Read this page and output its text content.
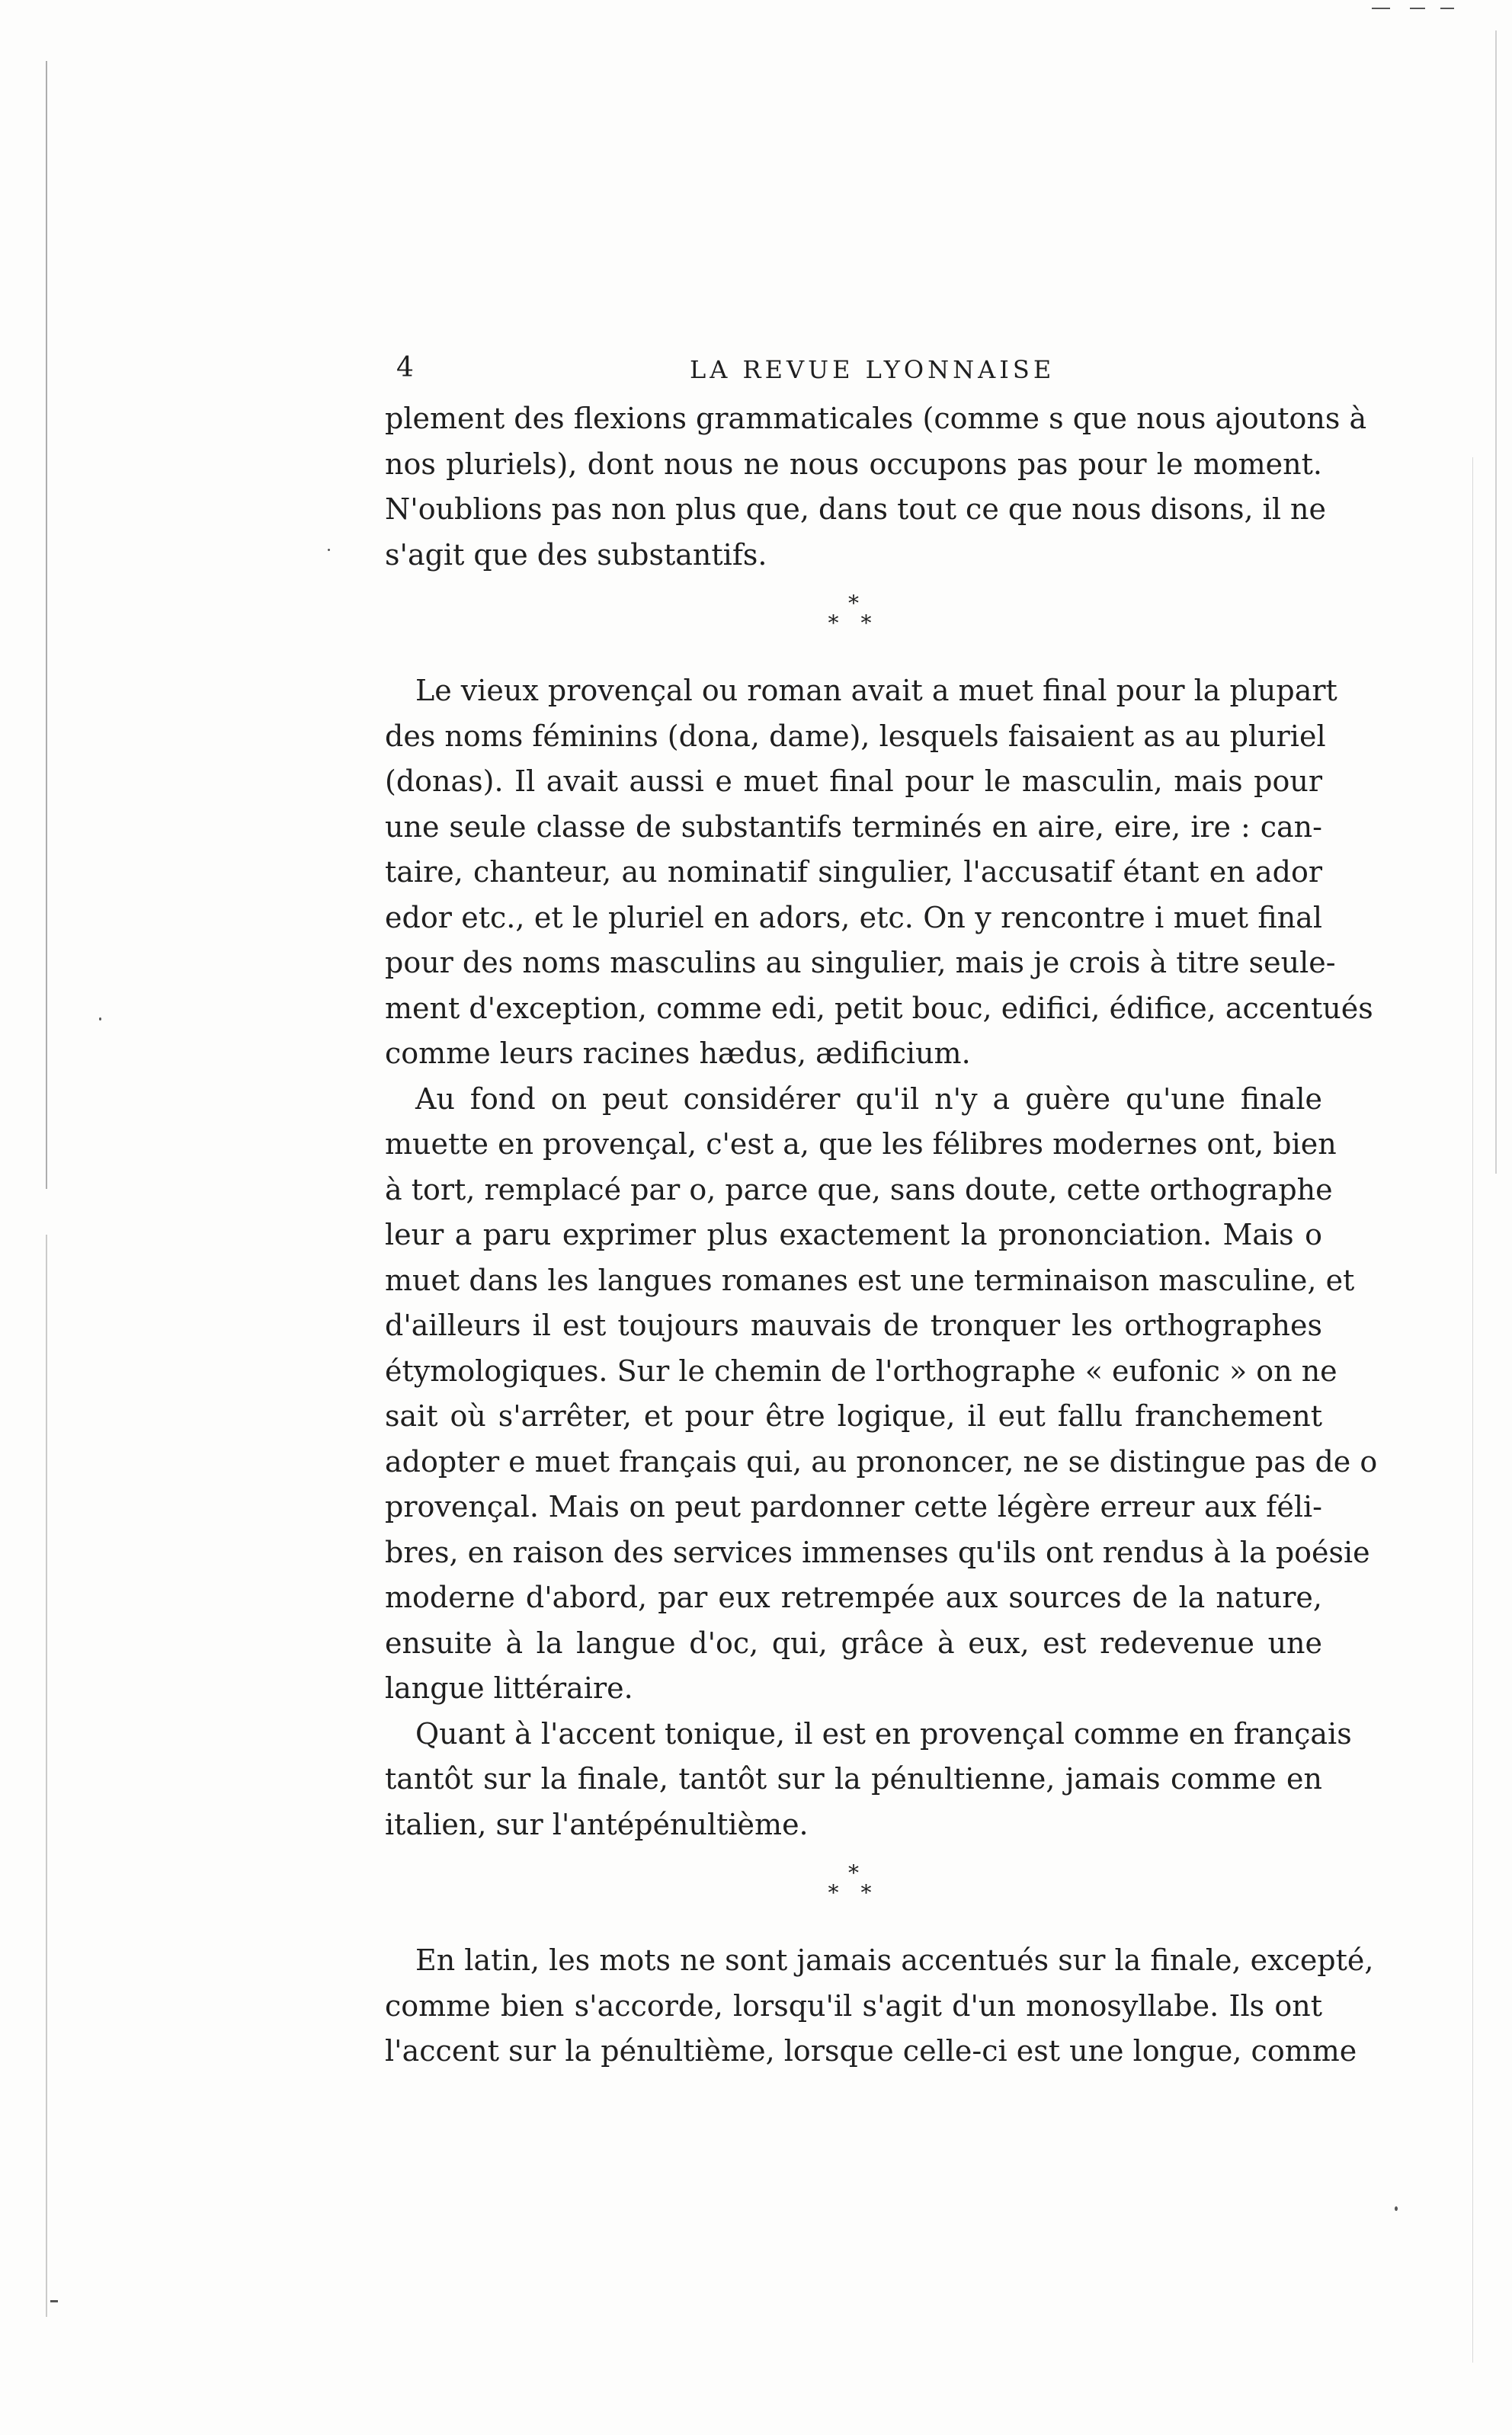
4	LA REVUE LYONNAISE
plement des flexions grammaticales (comme s que nous ajoutons à
nos pluriels), dont nous ne nous occupons pas pour le moment.
N'oublions pas non plus que, dans tout ce que nous disons, il ne
s'agit que des substantifs.
*
* *
Le vieux provençal ou roman avait a muet final pour la plupart
des noms féminins (dona, dame), lesquels faisaient as au pluriel
(donas). Il avait aussi e muet final pour le masculin, mais pour
une seule classe de substantifs terminés en aire, eire, ire : can-
taire, chanteur, au nominatif singulier, l'accusatif étant en ador
edor etc., et le pluriel en adors, etc. On y rencontre i muet final
pour des noms masculins au singulier, mais je crois à titre seule-
ment d'exception, comme edi, petit bouc, edifici, édifice, accentués
comme leurs racines hædus, ædificium.
Au fond on peut considérer qu'il n'y a guère qu'une finale
muette en provençal, c'est a, que les félibres modernes ont, bien
à tort, remplacé par o, parce que, sans doute, cette orthographe
leur a paru exprimer plus exactement la prononciation. Mais o
muet dans les langues romanes est une terminaison masculine, et
d'ailleurs il est toujours mauvais de tronquer les orthographes
étymologiques. Sur le chemin de l'orthographe « eufonic » on ne
sait où s'arrêter, et pour être logique, il eut fallu franchement
adopter e muet français qui, au prononcer, ne se distingue pas de o
provençal. Mais on peut pardonner cette légère erreur aux féli-
bres, en raison des services immenses qu'ils ont rendus à la poésie
moderne d'abord, par eux retrempée aux sources de la nature,
ensuite à la langue d'oc, qui, grâce à eux, est redevenue une
langue littéraire.
Quant à l'accent tonique, il est en provençal comme en français
tantôt sur la finale, tantôt sur la pénultienne, jamais comme en
italien, sur l'antépénultième.
*
* *
En latin, les mots ne sont jamais accentués sur la finale, excepté,
comme bien s'accorde, lorsqu'il s'agit d'un monosyllabe. Ils ont
l'accent sur la pénultième, lorsque celle-ci est une longue, comme
